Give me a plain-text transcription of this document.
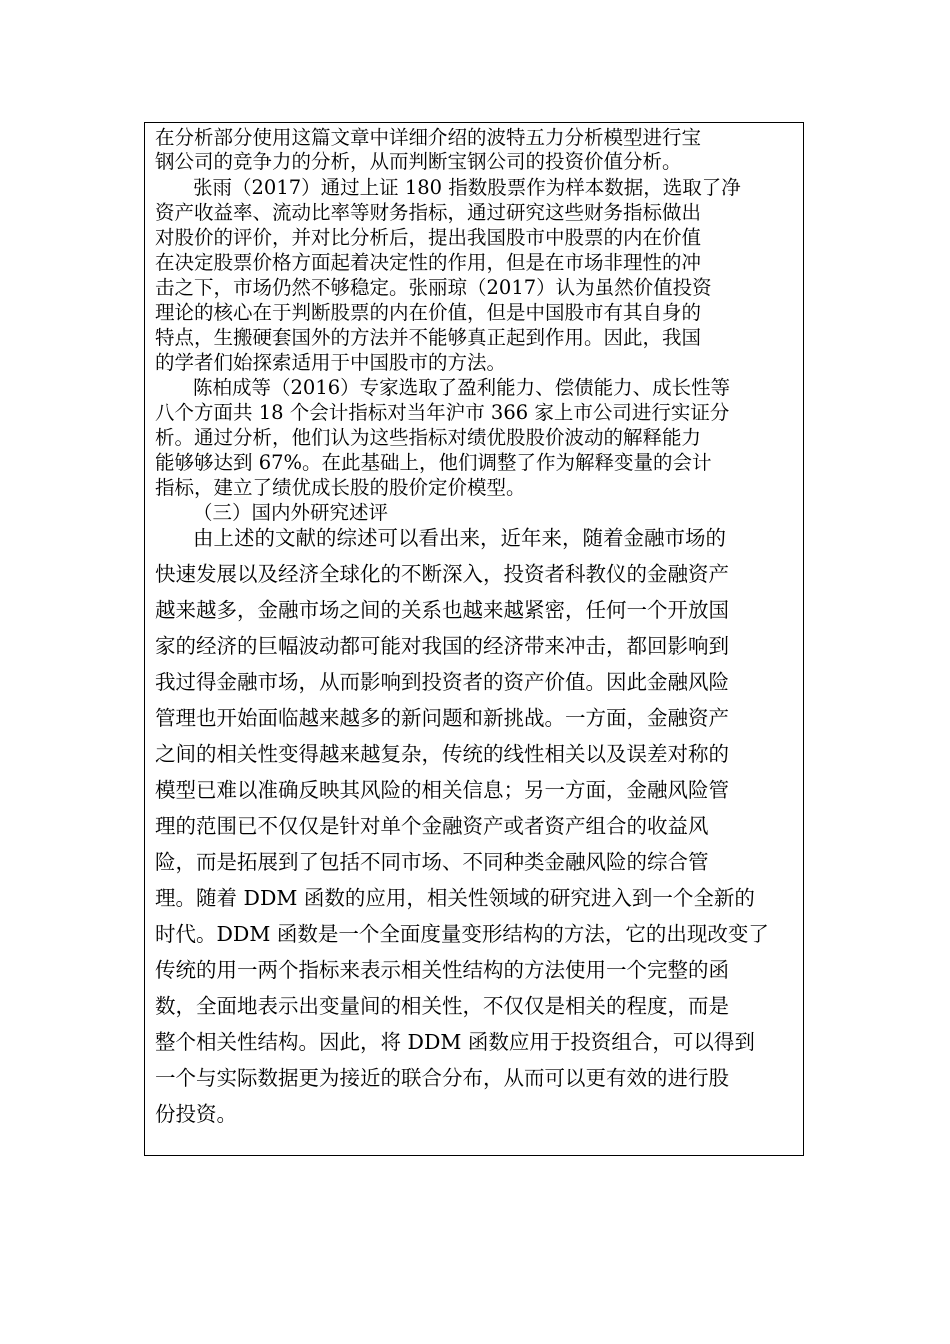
在分析部分使用这篇文章中详细介绍的波特五力分析模型进行宝
钢公司的竞争力的分析，从而判断宝钢公司的投资价值分析。
张雨（2017）通过上证 180 指数股票作为样本数据，选取了净
资产收益率、流动比率等财务指标，通过研究这些财务指标做出
对股价的评价，并对比分析后，提出我国股市中股票的内在价值
在决定股票价格方面起着决定性的作用，但是在市场非理性的冲
击之下，市场仍然不够稳定。张丽琼（2017）认为虽然价值投资
理论的核心在于判断股票的内在价值，但是中国股市有其自身的
特点，生搬硬套国外的方法并不能够真正起到作用。因此，我国
的学者们始探索适用于中国股市的方法。
陈柏成等（2016）专家选取了盈利能力、偿债能力、成长性等
八个方面共 18 个会计指标对当年沪市 366 家上市公司进行实证分
析。通过分析，他们认为这些指标对绩优股股价波动的解释能力
能够够达到 67%。在此基础上，他们调整了作为解释变量的会计
指标，建立了绩优成长股的股价定价模型。
（三）国内外研究述评
由上述的文献的综述可以看出来，近年来，随着金融市场的
快速发展以及经济全球化的不断深入，投资者科教仪的金融资产
越来越多，金融市场之间的关系也越来越紧密，任何一个开放国
家的经济的巨幅波动都可能对我国的经济带来冲击，都回影响到
我过得金融市场，从而影响到投资者的资产价值。因此金融风险
管理也开始面临越来越多的新问题和新挑战。一方面，金融资产
之间的相关性变得越来越复杂，传统的线性相关以及误差对称的
模型已难以准确反映其风险的相关信息；另一方面，金融风险管
理的范围已不仅仅是针对单个金融资产或者资产组合的收益风
险，而是拓展到了包括不同市场、不同种类金融风险的综合管
理。随着 DDM 函数的应用，相关性领域的研究进入到一个全新的
时代。DDM 函数是一个全面度量变形结构的方法，它的出现改变了
传统的用一两个指标来表示相关性结构的方法使用一个完整的函
数，全面地表示出变量间的相关性，不仅仅是相关的程度，而是
整个相关性结构。因此，将 DDM 函数应用于投资组合，可以得到
一个与实际数据更为接近的联合分布，从而可以更有效的进行股
份投资。
